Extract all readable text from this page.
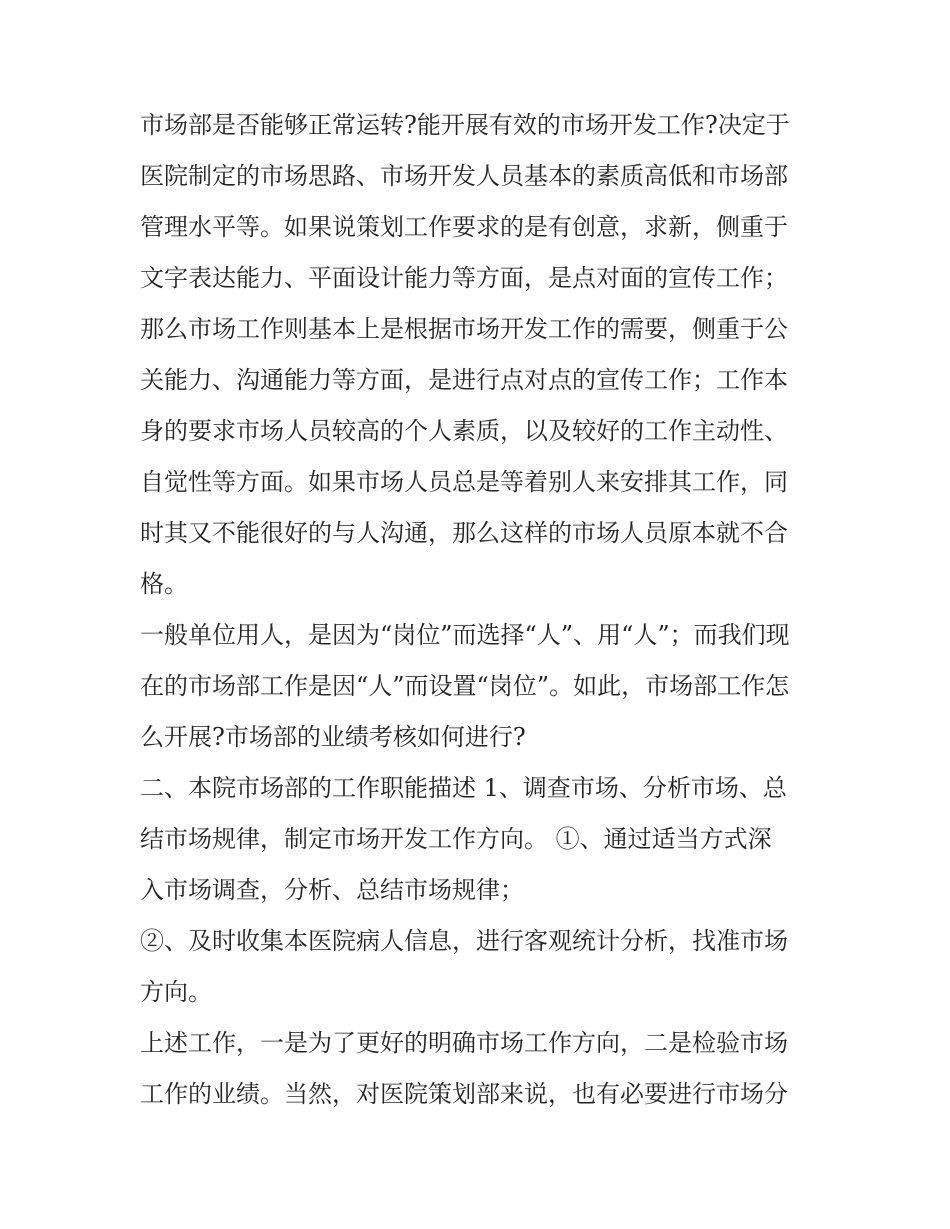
市场部是否能够正常运转?能开展有效的市场开发工作?决定于
医院制定的市场思路、市场开发人员基本的素质高低和市场部
管理水平等。如果说策划工作要求的是有创意，求新，侧重于
文字表达能力、平面设计能力等方面，是点对面的宣传工作；
那么市场工作则基本上是根据市场开发工作的需要，侧重于公
关能力、沟通能力等方面，是进行点对点的宣传工作；工作本
身的要求市场人员较高的个人素质，以及较好的工作主动性、
自觉性等方面。如果市场人员总是等着别人来安排其工作，同
时其又不能很好的与人沟通，那么这样的市场人员原本就不合
格。
一般单位用人，是因为“岗位”而选择“人”、用“人”；而我们现
在的市场部工作是因“人”而设置“岗位”。如此，市场部工作怎
么开展?市场部的业绩考核如何进行?
二、本院市场部的工作职能描述 1、调查市场、分析市场、总
结市场规律，制定市场开发工作方向。 ①、通过适当方式深
入市场调查，分析、总结市场规律；
②、及时收集本医院病人信息，进行客观统计分析，找准市场
方向。
上述工作，一是为了更好的明确市场工作方向，二是检验市场
工作的业绩。当然，对医院策划部来说，也有必要进行市场分
